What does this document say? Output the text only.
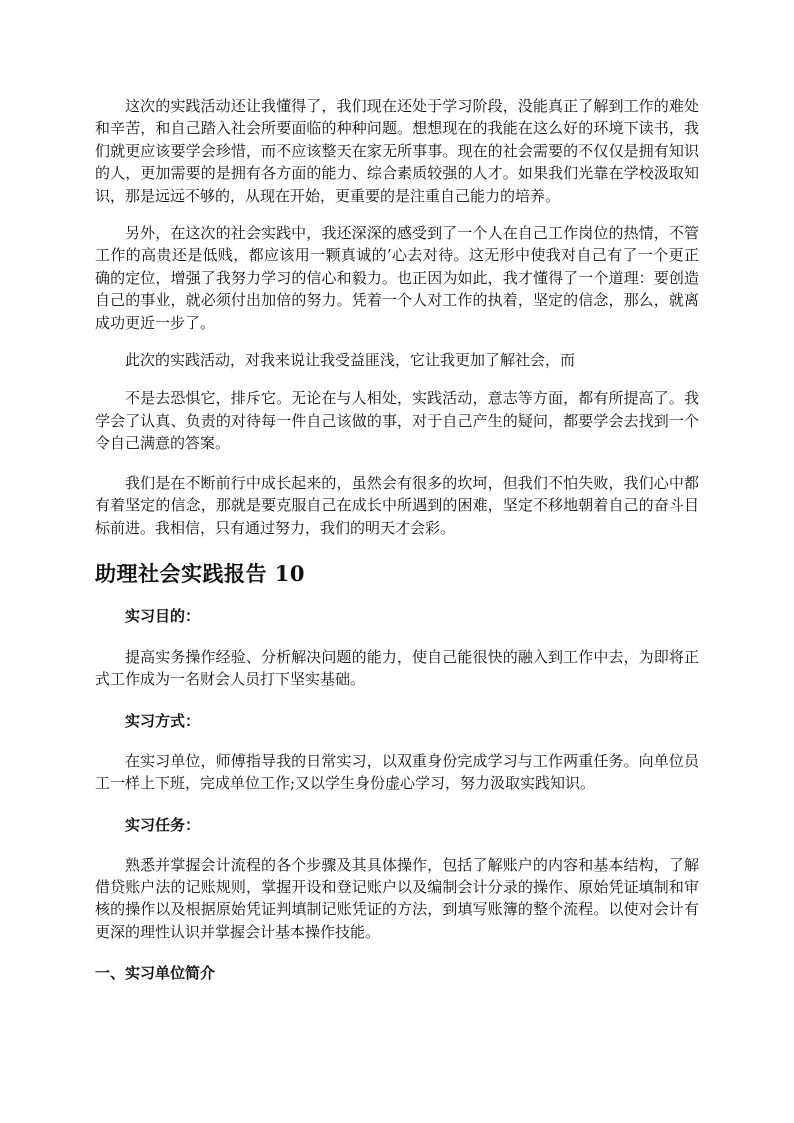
这次的实践活动还让我懂得了，我们现在还处于学习阶段，没能真正了解到工作的难处和辛苦，和自己踏入社会所要面临的种种问题。想想现在的我能在这么好的环境下读书，我们就更应该要学会珍惜，而不应该整天在家无所事事。现在的社会需要的不仅仅是拥有知识的人，更加需要的是拥有各方面的能力、综合素质较强的人才。如果我们光靠在学校汲取知识，那是远远不够的，从现在开始，更重要的是注重自己能力的培养。

另外，在这次的社会实践中，我还深深的感受到了一个人在自己工作岗位的热情，不管工作的高贵还是低贱，都应该用一颗真诚的’心去对待。这无形中使我对自己有了一个更正确的定位，增强了我努力学习的信心和毅力。也正因为如此，我才懂得了一个道理：要创造自己的事业，就必须付出加倍的努力。凭着一个人对工作的执着，坚定的信念，那么，就离成功更近一步了。

此次的实践活动，对我来说让我受益匪浅，它让我更加了解社会，而

不是去恐惧它，排斥它。无论在与人相处，实践活动，意志等方面，都有所提高了。我学会了认真、负责的对待每一件自己该做的事，对于自己产生的疑问，都要学会去找到一个令自己满意的答案。

我们是在不断前行中成长起来的，虽然会有很多的坎坷，但我们不怕失败，我们心中都有着坚定的信念，那就是要克服自己在成长中所遇到的困难，坚定不移地朝着自己的奋斗目标前进。我相信，只有通过努力，我们的明天才会彩。

助理社会实践报告 10

实习目的：

提高实务操作经验、分析解决问题的能力，使自己能很快的融入到工作中去，为即将正式工作成为一名财会人员打下坚实基础。

实习方式：

在实习单位，师傅指导我的日常实习，以双重身份完成学习与工作两重任务。向单位员工一样上下班，完成单位工作;又以学生身份虚心学习，努力汲取实践知识。

实习任务：

熟悉并掌握会计流程的各个步骤及其具体操作，包括了解账户的内容和基本结构，了解借贷账户法的记账规则，掌握开设和登记账户以及编制会计分录的操作、原始凭证填制和审核的操作以及根据原始凭证判填制记账凭证的方法，到填写账簿的整个流程。以使对会计有更深的理性认识并掌握会计基本操作技能。

一、实习单位简介
